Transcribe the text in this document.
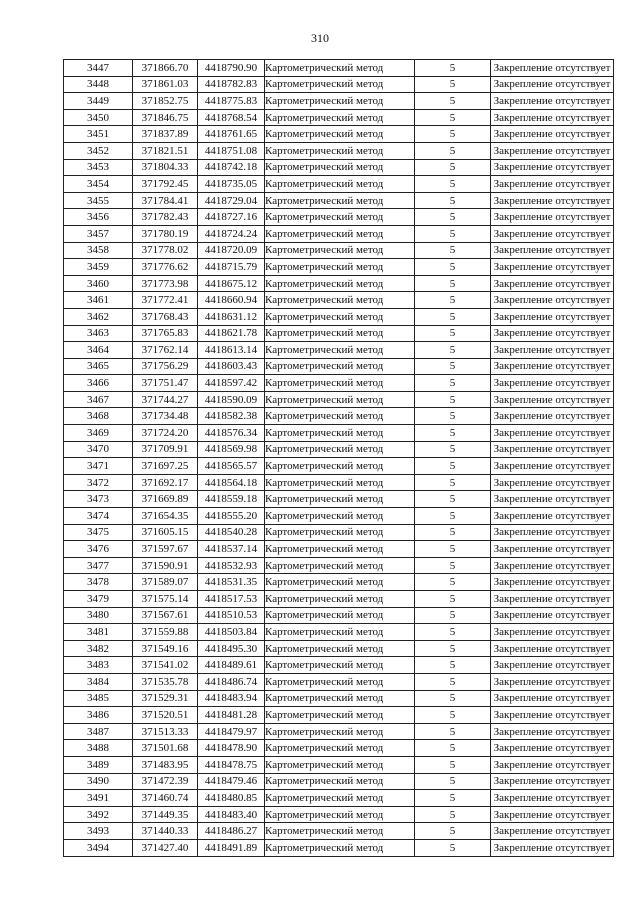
310
3447	371866.70	4418790.90	Картометрический метод	5	Закрепление отсутствует
3448	371861.03	4418782.83	Картометрический метод	5	Закрепление отсутствует
3449	371852.75	4418775.83	Картометрический метод	5	Закрепление отсутствует
3450	371846.75	4418768.54	Картометрический метод	5	Закрепление отсутствует
3451	371837.89	4418761.65	Картометрический метод	5	Закрепление отсутствует
3452	371821.51	4418751.08	Картометрический метод	5	Закрепление отсутствует
3453	371804.33	4418742.18	Картометрический метод	5	Закрепление отсутствует
3454	371792.45	4418735.05	Картометрический метод	5	Закрепление отсутствует
3455	371784.41	4418729.04	Картометрический метод	5	Закрепление отсутствует
3456	371782.43	4418727.16	Картометрический метод	5	Закрепление отсутствует
3457	371780.19	4418724.24	Картометрический метод	5	Закрепление отсутствует
3458	371778.02	4418720.09	Картометрический метод	5	Закрепление отсутствует
3459	371776.62	4418715.79	Картометрический метод	5	Закрепление отсутствует
3460	371773.98	4418675.12	Картометрический метод	5	Закрепление отсутствует
3461	371772.41	4418660.94	Картометрический метод	5	Закрепление отсутствует
3462	371768.43	4418631.12	Картометрический метод	5	Закрепление отсутствует
3463	371765.83	4418621.78	Картометрический метод	5	Закрепление отсутствует
3464	371762.14	4418613.14	Картометрический метод	5	Закрепление отсутствует
3465	371756.29	4418603.43	Картометрический метод	5	Закрепление отсутствует
3466	371751.47	4418597.42	Картометрический метод	5	Закрепление отсутствует
3467	371744.27	4418590.09	Картометрический метод	5	Закрепление отсутствует
3468	371734.48	4418582.38	Картометрический метод	5	Закрепление отсутствует
3469	371724.20	4418576.34	Картометрический метод	5	Закрепление отсутствует
3470	371709.91	4418569.98	Картометрический метод	5	Закрепление отсутствует
3471	371697.25	4418565.57	Картометрический метод	5	Закрепление отсутствует
3472	371692.17	4418564.18	Картометрический метод	5	Закрепление отсутствует
3473	371669.89	4418559.18	Картометрический метод	5	Закрепление отсутствует
3474	371654.35	4418555.20	Картометрический метод	5	Закрепление отсутствует
3475	371605.15	4418540.28	Картометрический метод	5	Закрепление отсутствует
3476	371597.67	4418537.14	Картометрический метод	5	Закрепление отсутствует
3477	371590.91	4418532.93	Картометрический метод	5	Закрепление отсутствует
3478	371589.07	4418531.35	Картометрический метод	5	Закрепление отсутствует
3479	371575.14	4418517.53	Картометрический метод	5	Закрепление отсутствует
3480	371567.61	4418510.53	Картометрический метод	5	Закрепление отсутствует
3481	371559.88	4418503.84	Картометрический метод	5	Закрепление отсутствует
3482	371549.16	4418495.30	Картометрический метод	5	Закрепление отсутствует
3483	371541.02	4418489.61	Картометрический метод	5	Закрепление отсутствует
3484	371535.78	4418486.74	Картометрический метод	5	Закрепление отсутствует
3485	371529.31	4418483.94	Картометрический метод	5	Закрепление отсутствует
3486	371520.51	4418481.28	Картометрический метод	5	Закрепление отсутствует
3487	371513.33	4418479.97	Картометрический метод	5	Закрепление отсутствует
3488	371501.68	4418478.90	Картометрический метод	5	Закрепление отсутствует
3489	371483.95	4418478.75	Картометрический метод	5	Закрепление отсутствует
3490	371472.39	4418479.46	Картометрический метод	5	Закрепление отсутствует
3491	371460.74	4418480.85	Картометрический метод	5	Закрепление отсутствует
3492	371449.35	4418483.40	Картометрический метод	5	Закрепление отсутствует
3493	371440.33	4418486.27	Картометрический метод	5	Закрепление отсутствует
3494	371427.40	4418491.89	Картометрический метод	5	Закрепление отсутствует
